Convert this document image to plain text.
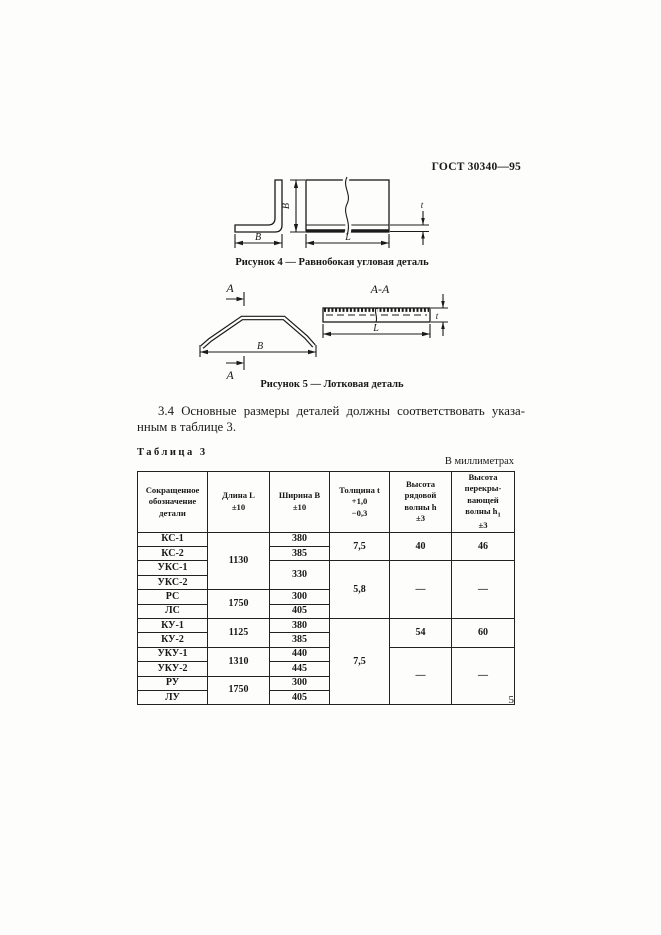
ГОСТ 30340—95
В
В
L
t
Рисунок 4 — Равнобокая угловая деталь
А
В
А
А-А
L
t
Рисунок 5 — Лотковая деталь
3.4 Основные размеры деталей должны соответствовать указа-
нным в таблице 3.
Таблица 3
В миллиметрах
Сокращенное
обозначение
детали

Длина L
±10

Ширина В
±10

Толщина t
+1,0
−0,3

Высота
рядовой
волны h
±3

Высота
перекры-
вающей
волны $h_1$
±3

КС-1	1130	380	7,5	40	46
КС-2		385			
УКС-1		330	5,8	—	—
УКС-2					
РС	1750	300			
ЛС		405			
КУ-1	1125	380	7,5	54	60
КУ-2		385			
УКУ-1	1310	440		—	—
УКУ-2		445			
РУ	1750	300			
ЛУ		405				5
